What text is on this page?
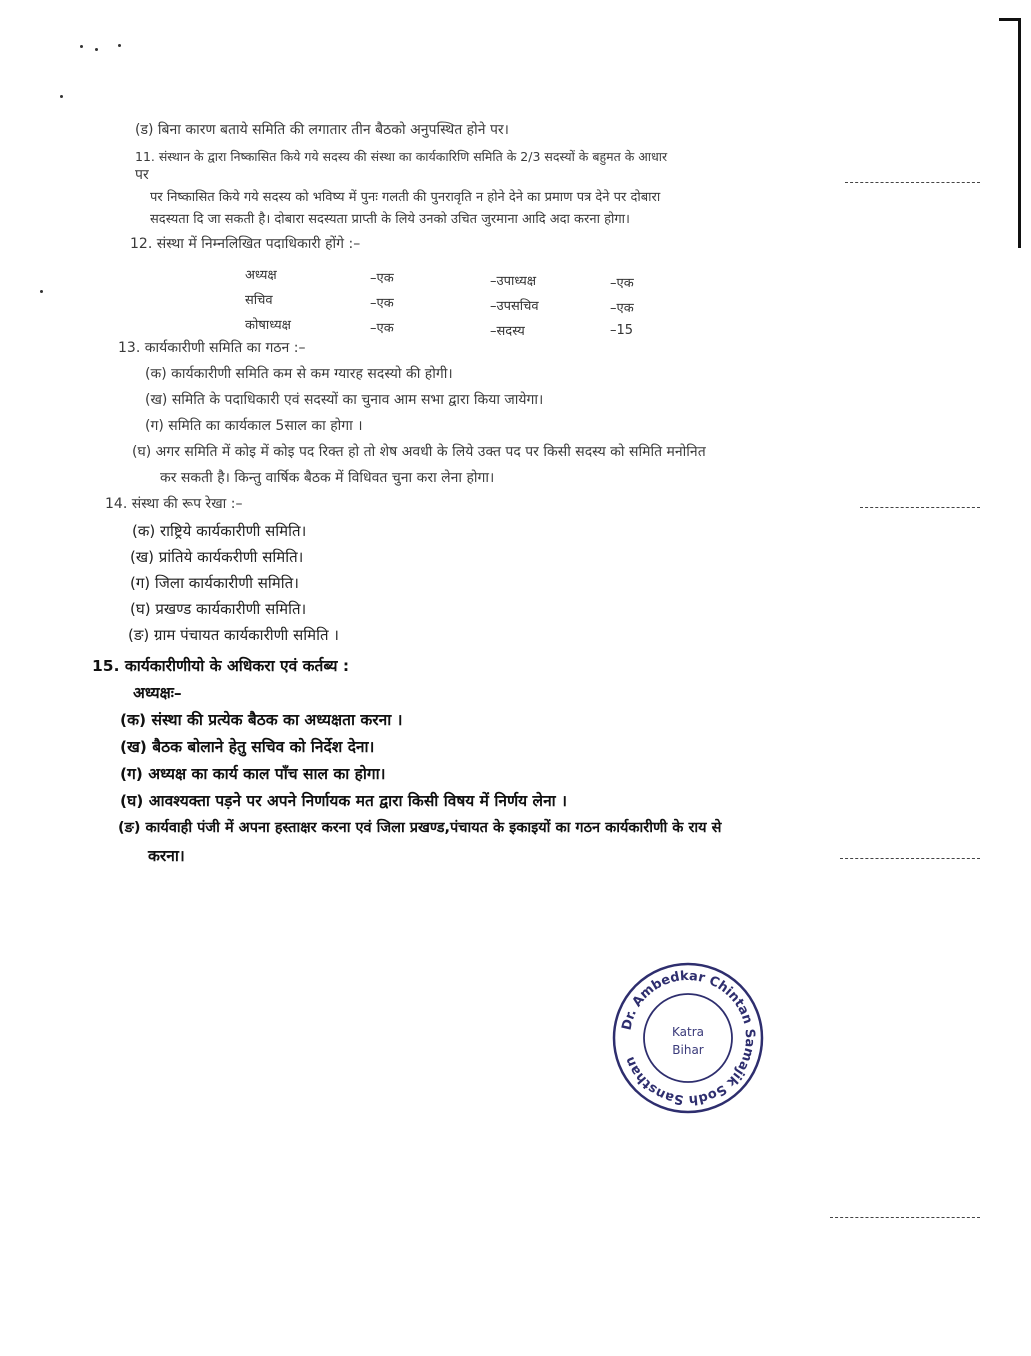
(ड) बिना कारण बताये समिति की लगातार तीन बैठको अनुपस्थित होने पर।
11. संस्थान के द्वारा निष्कासित किये गये सदस्य की संस्था का कार्यकारिणि समिति के 2/3 सदस्यों के बहुमत के आधार
पर
पर निष्कासित किये गये सदस्य को भविष्य में पुनः गलती की पुनरावृति न होने देने का प्रमाण पत्र देने पर दोबारा
सदस्यता दि जा सकती है। दोबारा सदस्यता प्राप्ती के लिये उनको उचित जुरमाना आदि अदा करना होगा।
12. संस्था में निम्नलिखित पदाधिकारी होंगे :–
अध्यक्ष	–एक	–उपाध्यक्ष	–एक
सचिव	–एक	–उपसचिव	–एक
कोषाध्यक्ष	–एक	–सदस्य	–15
13. कार्यकारीणी समिति का गठन :–
(क) कार्यकारीणी समिति कम से कम ग्यारह सदस्यो की होगी।
(ख) समिति के पदाधिकारी एवं सदस्यों का चुनाव आम सभा द्वारा किया जायेगा।
(ग) समिति का कार्यकाल 5साल का होगा ।
(घ) अगर समिति में कोइ में कोइ पद रिक्त हो तो शेष अवधी के लिये उक्त पद पर किसी सदस्य को समिति मनोनित
कर सकती है। किन्तु वार्षिक बैठक में विधिवत चुना करा लेना होगा।
14. संस्था की रूप रेखा :–
(क) राष्ट्रिये कार्यकारीणी समिति।
(ख) प्रांतिये कार्यकरीणी समिति।
(ग) जिला कार्यकारीणी समिति।
(घ) प्रखण्ड कार्यकारीणी समिति।
(ङ) ग्राम पंचायत कार्यकारीणी समिति ।
15. कार्यकारीणीयो के अधिकरा एवं कर्तब्य :
अध्यक्षः–
(क) संस्था की प्रत्येक बैठक का अध्यक्षता करना ।
(ख) बैठक बोलाने हेतु सचिव को निर्देश देना।
(ग) अध्यक्ष का कार्य काल पाँच साल का होगा।
(घ) आवश्यक्ता पड़ने पर अपने निर्णायक मत द्वारा किसी विषय में निर्णय लेना ।
(ङ) कार्यवाही पंजी में अपना हस्ताक्षर करना एवं जिला प्रखण्ड,पंचायत के इकाइयों का गठन कार्यकारीणी के राय से
करना।
Dr. Ambedkar Chintan Samajik Sodh Sansthan
Katra
Bihar
